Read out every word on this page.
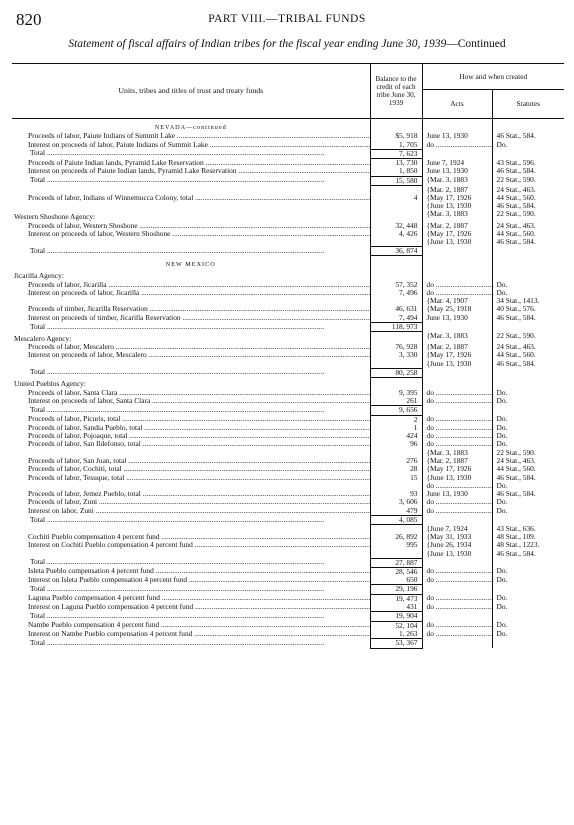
820	PART VIII.—TRIBAL FUNDS
Statement of fiscal affairs of Indian tribes for the fiscal year ending June 30, 1939—Continued
Units, tribes and titles of trust and treaty funds	Balance to the credit of each tribe June 30, 1939	How and when created	
		Acts	Statutes
NEVADA—continued			
Proceeds of labor, Paiute Indians of Summit Lake .....	$5, 918	June 13, 1930	46 Stat., 584.
Interest on proceeds of labor, Paiute Indians of Summit Lake .....	1, 705	do .....	Do.
Total .....	7, 623		
Proceeds of Paiute Indian lands, Pyramid Lake Reservation .....	13, 730	June 7, 1924	43 Stat., 596.
Interest on proceeds of Paiute Indian lands, Pyramid Lake Reservation .....	1, 850	June 13, 1930	46 Stat., 584.
Total .....	15, 580	{Mar. 3, 1883	22 Stat., 590.
		{Mar. 2, 1887	24 Stat., 463.
Proceeds of labor, Indians of Winnemucca Colony, total .....	4	{May 17, 1926	44 Stat., 560.
		{June 13, 1930	46 Stat., 584.
Western Shoshone Agency:		{Mar. 3, 1883	22 Stat., 590.
Proceeds of labor, Western Shoshone .....	32, 448	{Mar. 2, 1887	24 Stat., 463.
Interest on proceeds of labor, Western Shoshone .....	4, 426	{May 17, 1926	44 Stat., 560.
		{June 13, 1930	46 Stat., 584.
Total .....	36, 874		
NEW MEXICO			
Jicarilla Agency:			
Proceeds of labor, Jicarilla .....	57, 352	do .....	Do.
Interest on proceeds of labor, Jicarilla .....	7, 496	do .....	Do.
		{Mar. 4, 1907	34 Stat., 1413.
Proceeds of timber, Jicarilla Reservation .....	46, 631	{May 25, 1918	40 Stat., 576.
Interest on proceeds of timber, Jicarilla Reservation .....	7, 494	June 13, 1930	46 Stat., 584.
Total .....	118, 973		
Mescalero Agency:		{Mar. 3, 1883	22 Stat., 590.
Proceeds of labor, Mescalero .....	76, 928	{Mar. 2, 1887	24 Stat., 463.
Interest on proceeds of labor, Mescalero .....	3, 330	{May 17, 1926	44 Stat., 560.
		{June 13, 1930	46 Stat., 584.
Total .....	80, 258		
United Pueblos Agency:			
Proceeds of labor, Santa Clara .....	9, 395	do .....	Do.
Interest on proceeds of labor, Santa Clara .....	261	do .....	Do.
Total .....	9, 656		
Proceeds of labor, Picuris, total .....	2	do .....	Do.
Proceeds of labor, Sandia Pueblo, total .....	1	do .....	Do.
Proceeds of labor, Pojoaque, total .....	424	do .....	Do.
Proceeds of labor, San Ildefonso, total .....	96	do .....	Do.
		{Mar. 3, 1883	22 Stat., 590.
Proceeds of labor, San Juan, total .....	276	{Mar. 2, 1887	24 Stat., 463.
Proceeds of labor, Cochiti, total .....	28	{May 17, 1926	44 Stat., 560.
Proceeds of labor, Tesuque, total .....	15	{June 13, 1930	46 Stat., 584.
		do .....	Do.
Proceeds of labor, Jemez Pueblo, total .....	93	June 13, 1930	46 Stat., 584.
Proceeds of labor, Zuni .....	3, 606	do .....	Do.
Interest on labor, Zuni .....	479	do .....	Do.
Total .....	4, 085		
		{June 7, 1924	43 Stat., 636.
Cochiti Pueblo compensation 4 percent fund .....	26, 892	{May 31, 1933	48 Stat., 109.
Interest on Cochiti Pueblo compensation 4 percent fund .....	995	{June 26, 1934	48 Stat., 1223.
		{June 13, 1930	46 Stat., 584.
Total .....	27, 887		
Isleta Pueblo compensation 4 percent fund .....	28, 546	do .....	Do.
Interest on Isleta Pueblo compensation 4 percent fund .....	650	do .....	Do.
Total .....	29, 196		
Laguna Pueblo compensation 4 percent fund .....	19, 473	do .....	Do.
Interest on Laguna Pueblo compensation 4 percent fund .....	431	do .....	Do.
Total .....	19, 904		
Nambe Pueblo compensation 4 percent fund .....	52, 104	do .....	Do.
Interest on Nambe Pueblo compensation 4 percent fund .....	1, 263	do .....	Do.
Total .....	53, 367		
